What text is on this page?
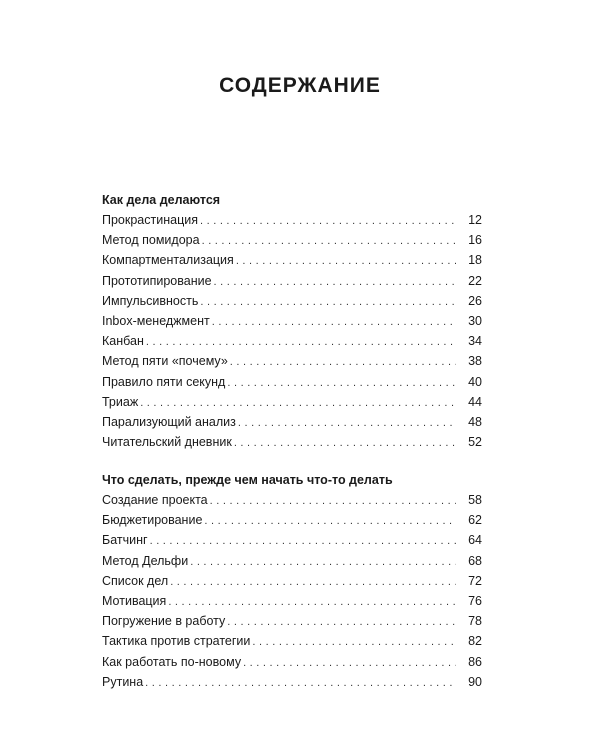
СОДЕРЖАНИЕ
Как дела делаются
Прокрастинация . . .	12
Метод помидора . . .	16
Компартментализация . . .	18
Прототипирование . . .	22
Импульсивность . . .	26
Inbox-менеджмент . . .	30
Канбан . . .	34
Метод пяти «почему» . . .	38
Правило пяти секунд . . .	40
Триаж . . .	44
Парализующий анализ . . .	48
Читательский дневник . . .	52
Что сделать, прежде чем начать что-то делать
Создание проекта . . .	58
Бюджетирование . . .	62
Батчинг . . .	64
Метод Дельфи . . .	68
Список дел . . .	72
Мотивация . . .	76
Погружение в работу . . .	78
Тактика против стратегии . . .	82
Как работать по-новому . . .	86
Рутина . . .	90
